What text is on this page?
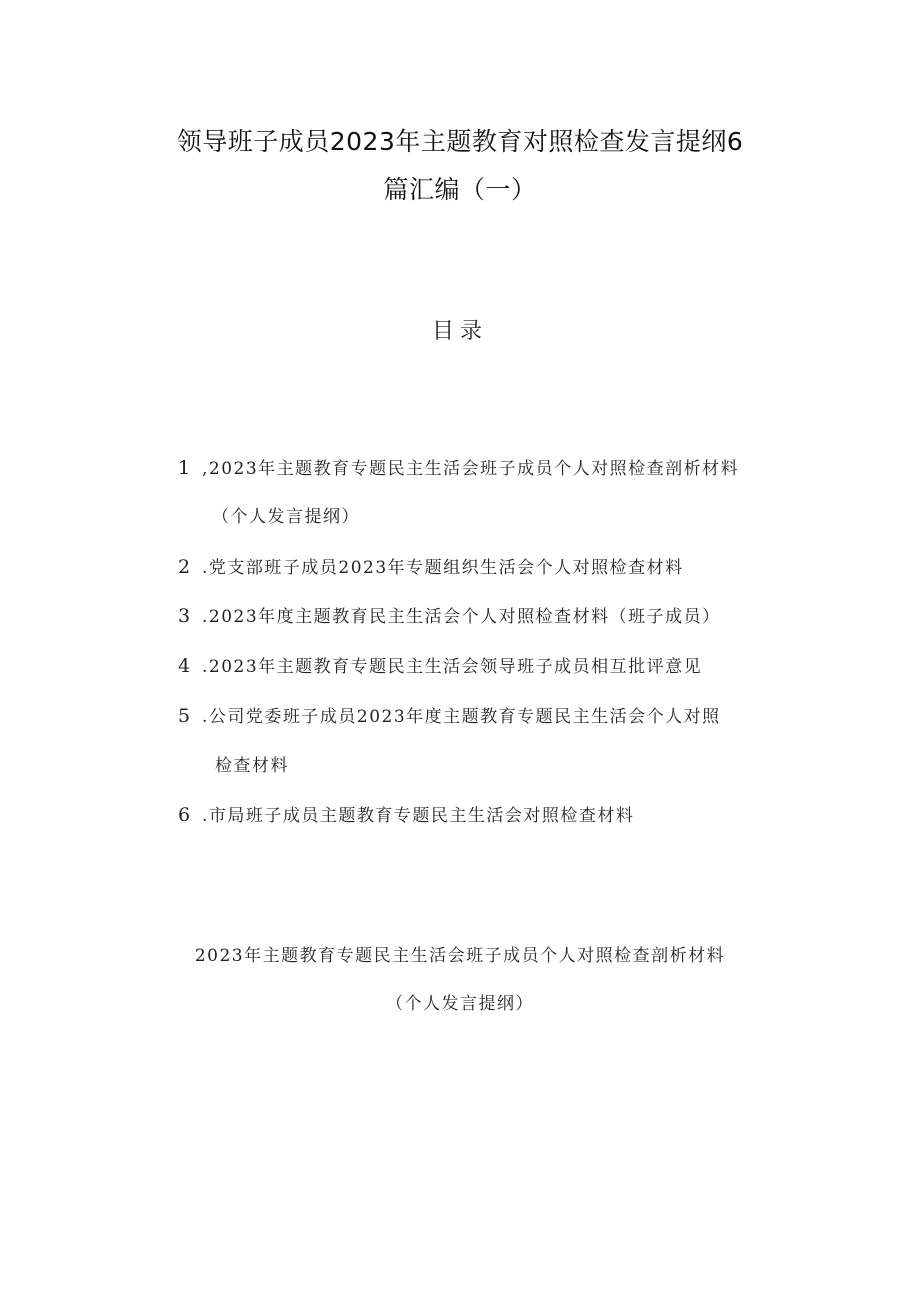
领导班子成员2023年主题教育对照检查发言提纲6
篇汇编（一）
目录
1 ,2023年主题教育专题民主生活会班子成员个人对照检查剖析材料
（个人发言提纲）
2 .党支部班子成员2023年专题组织生活会个人对照检查材料
3 .2023年度主题教育民主生活会个人对照检查材料（班子成员）
4 .2023年主题教育专题民主生活会领导班子成员相互批评意见
5 .公司党委班子成员2023年度主题教育专题民主生活会个人对照
检查材料
6 .市局班子成员主题教育专题民主生活会对照检查材料
2023年主题教育专题民主生活会班子成员个人对照检查剖析材料
（个人发言提纲）
